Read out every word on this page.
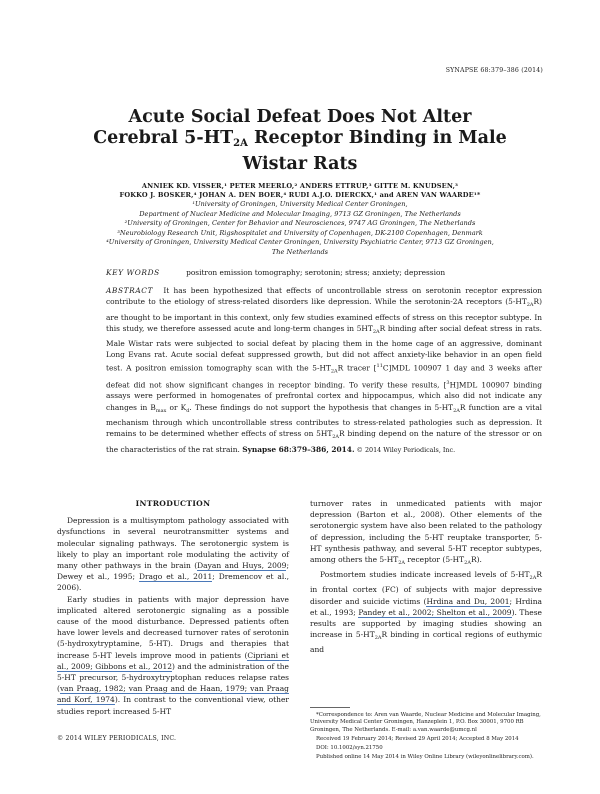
SYNAPSE 68:379–386 (2014)
Acute Social Defeat Does Not Alter
Cerebral $5-HT_{2A}$ Receptor Binding in Male
Wistar Rats
ANNIEK KD. VISSER,¹ PETER MEERLO,² ANDERS ETTRUP,³ GITTE M. KNUDSEN,³
FOKKO J. BOSKER,⁴ JOHAN A. DEN BOER,⁴ RUDI A.J.O. DIERCKX,¹ and AREN VAN WAARDE¹*
¹University of Groningen, University Medical Center Groningen,
Department of Nuclear Medicine and Molecular Imaging, 9713 GZ Groningen, The Netherlands
²University of Groningen, Center for Behavior and Neurosciences, 9747 AG Groningen, The Netherlands
³Neurobiology Research Unit, Rigshospitalet and University of Copenhagen, DK-2100 Copenhagen, Denmark
⁴University of Groningen, University Medical Center Groningen, University Psychiatric Center, 9713 GZ Groningen,
The Netherlands
KEY WORDS	positron emission tomography; serotonin; stress; anxiety; depression
ABSTRACT It has been hypothesized that effects of uncontrollable stress on serotonin receptor expression contribute to the etiology of stress-related disorders like depression. While the serotonin-2A receptors $(5-HT_{2A}R)$ are thought to be important in this context, only few studies examined effects of stress on this receptor subtype. In this study, we therefore assessed acute and long-term changes in $5HT_{2A}R$ binding after social defeat stress in rats. Male Wistar rats were subjected to social defeat by placing them in the home cage of an aggressive, dominant Long Evans rat. Acute social defeat suppressed growth, but did not affect anxiety-like behavior in an open field test. A positron emission tomography scan with the $5-HT_{2A}R$ tracer [$^{11}$C]MDL 100907 1 day and 3 weeks after defeat did not show significant changes in receptor binding. To verify these results, [$^3$H]MDL 100907 binding assays were performed in homogenates of prefrontal cortex and hippocampus, which also did not indicate any changes in $B_{max}$ or $K_d$. These findings do not support the hypothesis that changes in $5-HT_{2A}R$ function are a vital mechanism through which uncontrollable stress contributes to stress-related pathologies such as depression. It remains to be determined whether effects of stress on $5HT_{2A}R$ binding depend on the nature of the stressor or on the characteristics of the rat strain. Synapse 68:379–386, 2014. © 2014 Wiley Periodicals, Inc.
INTRODUCTION

Depression is a multisymptom pathology associated with dysfunctions in several neurotransmitter systems and molecular signaling pathways. The serotonergic system is likely to play an important role modulating the activity of many other pathways in the brain (Dayan and Huys, 2009; Dewey et al., 1995; Drago et al., 2011; Dremencov et al., 2006).

Early studies in patients with major depression have implicated altered serotonergic signaling as a possible cause of the mood disturbance. Depressed patients often have lower levels and decreased turnover rates of serotonin (5-hydroxytryptamine, 5-HT). Drugs and therapies that increase 5-HT levels improve mood in patients (Cipriani et al., 2009; Gibbons et al., 2012) and the administration of the 5-HT precursor, 5-hydroxytryptophan reduces relapse rates (van Praag, 1982; van Praag and de Haan, 1979; van Praag and Korf, 1974). In contrast to the conventional view, other studies report increased 5-HT

turnover rates in unmedicated patients with major depression (Barton et al., 2008). Other elements of the serotonergic system have also been related to the pathology of depression, including the 5-HT reuptake transporter, 5-HT synthesis pathway, and several 5-HT receptor subtypes, among others the $5-HT_{2A}$ receptor $(5-HT_{2A}R)$.

Postmortem studies indicate increased levels of $5-HT_{2A}R$ in frontal cortex (FC) of subjects with major depressive disorder and suicide victims (Hrdina and Du, 2001; Hrdina et al., 1993; Pandey et al., 2002; Shelton et al., 2009). These results are supported by imaging studies showing an increase in $5-HT_{2A}R$ binding in cortical regions of euthymic and

*Correspondence to: Aren van Waarde, Nuclear Medicine and Molecular Imaging, University Medical Center Groningen, Hanzeplein 1, P.O. Box 30001, 9700 RB Groningen, The Netherlands. E-mail: a.van.waarde@umcg.nl

Received 19 February 2014; Revised 29 April 2014; Accepted 8 May 2014

DOI: 10.1002/syn.21750

Published online 14 May 2014 in Wiley Online Library (wileyonlinelibrary.com).

© 2014 WILEY PERIODICALS, INC.
